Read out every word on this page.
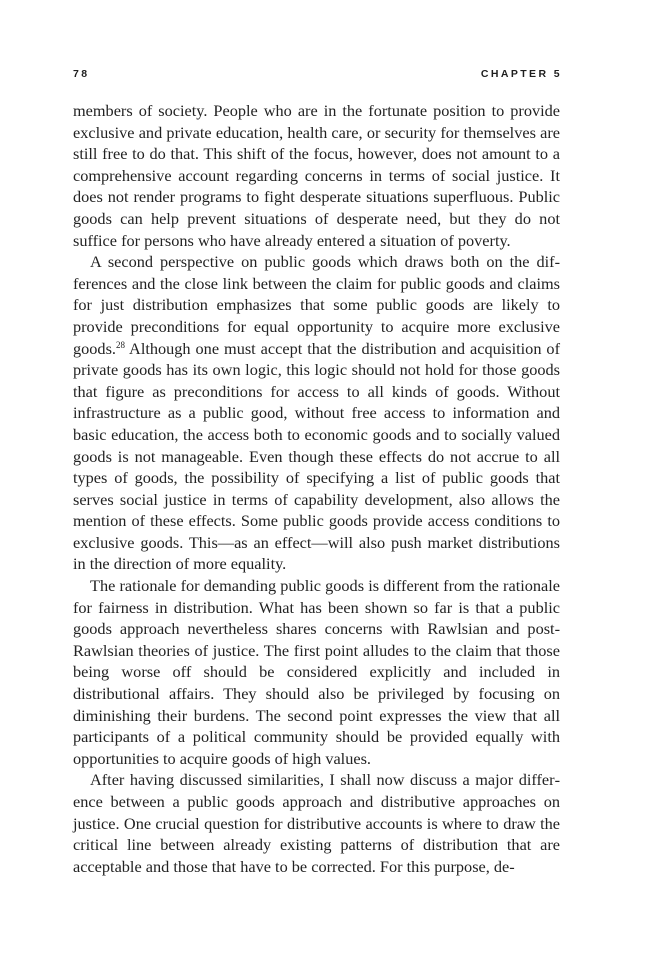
78	CHAPTER 5

members of society. People who are in the fortunate position to provide exclusive and private education, health care, or security for themselves are still free to do that. This shift of the focus, however, does not amount to a comprehensive account regarding concerns in terms of social justice. It does not render programs to fight desperate situations superfluous. Public goods can help prevent situations of desperate need, but they do not suffice for persons who have already entered a situation of poverty.

A second perspective on public goods which draws both on the differences and the close link between the claim for public goods and claims for just distribution emphasizes that some public goods are likely to provide preconditions for equal opportunity to acquire more exclusive goods.$^{28}$ Although one must accept that the distribution and acquisition of private goods has its own logic, this logic should not hold for those goods that figure as preconditions for access to all kinds of goods. Without infrastructure as a public good, without free access to information and basic education, the access both to economic goods and to socially valued goods is not manageable. Even though these effects do not accrue to all types of goods, the possibility of specifying a list of public goods that serves social justice in terms of capability development, also allows the mention of these effects. Some public goods provide access conditions to exclusive goods. This—as an effect—will also push market distributions in the direction of more equality.

The rationale for demanding public goods is different from the rationale for fairness in distribution. What has been shown so far is that a public goods approach nevertheless shares concerns with Rawlsian and post-Rawlsian theories of justice. The first point alludes to the claim that those being worse off should be considered explicitly and included in distributional affairs. They should also be privileged by focusing on diminishing their burdens. The second point expresses the view that all participants of a political community should be provided equally with opportunities to acquire goods of high values.

After having discussed similarities, I shall now discuss a major difference between a public goods approach and distributive approaches on justice. One crucial question for distributive accounts is where to draw the critical line between already existing patterns of distribution that are acceptable and those that have to be corrected. For this purpose, de-
